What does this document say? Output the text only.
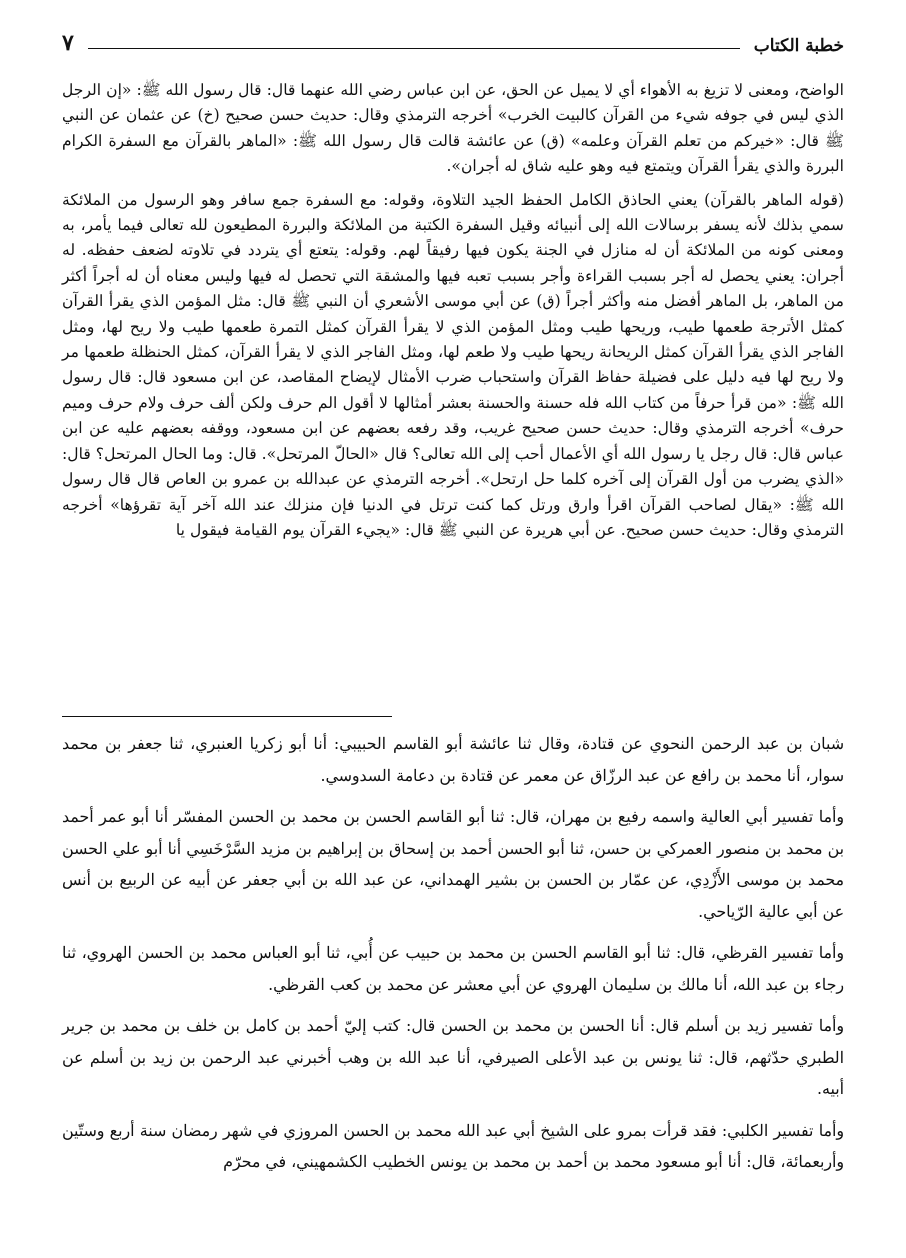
خطبة الكتاب
٧

الواضح، ومعنى لا تزيغ به الأهواء أي لا يميل عن الحق، عن ابن عباس رضي الله عنهما قال: قال رسول الله ﷺ: «إن الرجل الذي ليس في جوفه شيء من القرآن كالبيت الخرب» أخرجه الترمذي وقال: حديث حسن صحيح (خ) عن عثمان عن النبي ﷺ قال: «خيركم من تعلم القرآن وعلمه» (ق) عن عائشة قالت قال رسول الله ﷺ: «الماهر بالقرآن مع السفرة الكرام البررة والذي يقرأ القرآن ويتمتع فيه وهو عليه شاق له أجران».

(قوله الماهر بالقرآن) يعني الحاذق الكامل الحفظ الجيد التلاوة، وقوله: مع السفرة جمع سافر وهو الرسول من الملائكة سمي بذلك لأنه يسفر برسالات الله إلى أنبيائه وقيل السفرة الكتبة من الملائكة والبررة المطيعون لله تعالى فيما يأمر، به ومعنى كونه من الملائكة أن له منازل في الجنة يكون فيها رفيقاً لهم. وقوله: يتعتع أي يتردد في تلاوته لضعف حفظه. له أجران: يعني يحصل له أجر بسبب القراءة وأجر بسبب تعبه فيها والمشقة التي تحصل له فيها وليس معناه أن له أجراً أكثر من الماهر، بل الماهر أفضل منه وأكثر أجراً (ق) عن أبي موسى الأشعري أن النبي ﷺ قال: مثل المؤمن الذي يقرأ القرآن كمثل الأترجة طعمها طيب، وريحها طيب ومثل المؤمن الذي لا يقرأ القرآن كمثل التمرة طعمها طيب ولا ريح لها، ومثل الفاجر الذي يقرأ القرآن كمثل الريحانة ريحها طيب ولا طعم لها، ومثل الفاجر الذي لا يقرأ القرآن، كمثل الحنظلة طعمها مر ولا ريح لها فيه دليل على فضيلة حفاظ القرآن واستحباب ضرب الأمثال لإيضاح المقاصد، عن ابن مسعود قال: قال رسول الله ﷺ: «من قرأ حرفاً من كتاب الله فله حسنة والحسنة بعشر أمثالها لا أقول الم حرف ولكن ألف حرف ولام حرف وميم حرف» أخرجه الترمذي وقال: حديث حسن صحيح غريب، وقد رفعه بعضهم عن ابن مسعود، ووقفه بعضهم عليه عن ابن عباس قال: قال رجل يا رسول الله أي الأعمال أحب إلى الله تعالى؟ قال «الحالّ المرتحل». قال: وما الحال المرتحل؟ قال: «الذي يضرب من أول القرآن إلى آخره كلما حل ارتحل». أخرجه الترمذي عن عبدالله بن عمرو بن العاص قال قال رسول الله ﷺ: «يقال لصاحب القرآن اقرأ وارق ورتل كما كنت ترتل في الدنيا فإن منزلك عند الله آخر آية تقرؤها» أخرجه الترمذي وقال: حديث حسن صحيح. عن أبي هريرة عن النبي ﷺ قال: «يجيء القرآن يوم القيامة فيقول يا

شبان بن عبد الرحمن النحوي عن قتادة، وقال ثنا عائشة أبو القاسم الحبيبي: أنا أبو زكريا العنبري، ثنا جعفر بن محمد سوار، أنا محمد بن رافع عن عبد الرزّاق عن معمر عن قتادة بن دعامة السدوسي.

وأما تفسير أبي العالية واسمه رفيع بن مهران، قال: ثنا أبو القاسم الحسن بن محمد بن الحسن المفسّر أنا أبو عمر أحمد بن محمد بن منصور العمركي بن حسن، ثنا أبو الحسن أحمد بن إسحاق بن إبراهيم بن مزيد السَّرْخَسِي أنا أبو علي الحسن محمد بن موسى الأَزْدِي، عن عمّار بن الحسن بن بشير الهمداني، عن عبد الله بن أبي جعفر عن أبيه عن الربيع بن أنس عن أبي عالية الرّياحي.

وأما تفسير القرظي، قال: ثنا أبو القاسم الحسن بن محمد بن حبيب عن أُبي، ثنا أبو العباس محمد بن الحسن الهروي، ثنا رجاء بن عبد الله، أنا مالك بن سليمان الهروي عن أبي معشر عن محمد بن كعب القرظي.

وأما تفسير زيد بن أسلم قال: أنا الحسن بن محمد بن الحسن قال: كتب إليّ أحمد بن كامل بن خلف بن محمد بن جرير الطبري حدّثهم، قال: ثنا يونس بن عبد الأعلى الصيرفي، أنا عبد الله بن وهب أخبرني عبد الرحمن بن زيد بن أسلم عن أبيه.

وأما تفسير الكلبي: فقد قرأت بمرو على الشيخ أبي عبد الله محمد بن الحسن المروزي في شهر رمضان سنة أربع وستّين وأربعمائة، قال: أنا أبو مسعود محمد بن أحمد بن محمد بن يونس الخطيب الكشمهيني، في محرّم
